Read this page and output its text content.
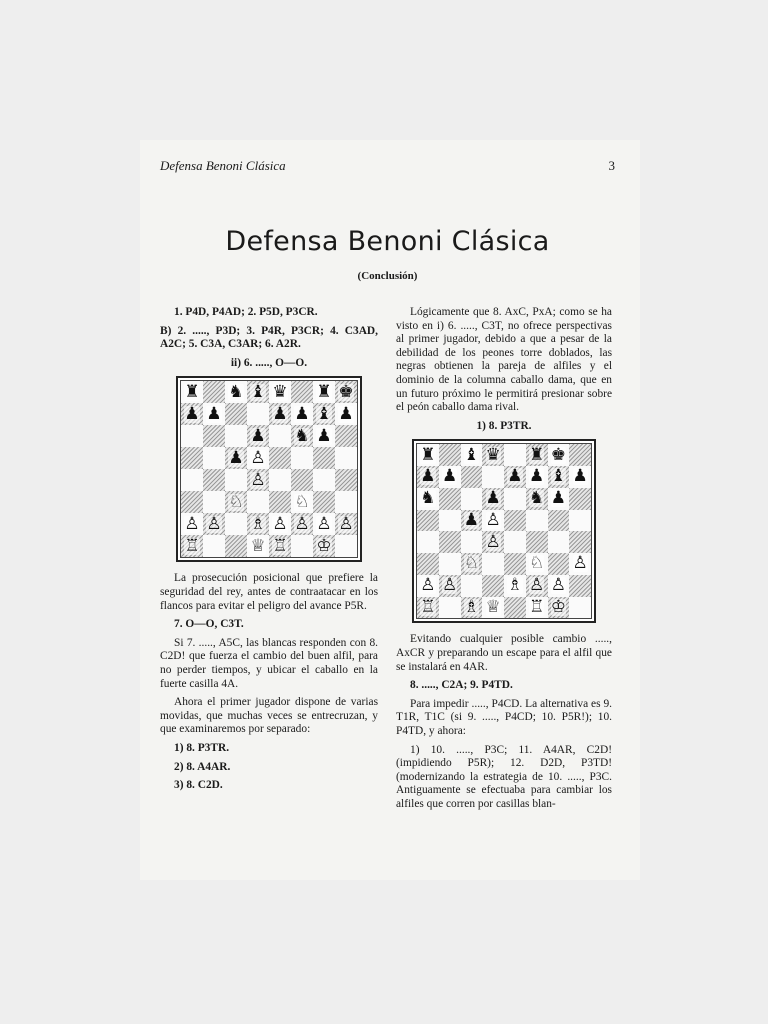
Defensa Benoni Clásica	3
Defensa Benoni Clásica
(Conclusión)

1. P4D, P4AD; 2. P5D, P3CR.

B) 2. ....., P3D; 3. P4R, P3CR; 4. C3AD, A2C; 5. C3A, C3AR; 6. A2R.

ii) 6. ....., O—O.

♜ ♞ ♝ ♛ ♜ ♚
♟ ♟	♟ ♟ ♝ ♟
♟ ♞ ♟
♟ ♙
♙
♘	♘
♙ ♙ ♗ ♙ ♙ ♙ ♙
♖	♕ ♖ ♔

La prosecución posicional que prefiere la seguridad del rey, antes de contraatacar en los flancos para evitar el peligro del avance P5R.

7. O—O, C3T.

Si 7. ....., A5C, las blancas responden con 8. C2D! que fuerza el cambio del buen alfil, para no perder tiempos, y ubicar el caballo en la fuerte casilla 4A.

Ahora el primer jugador dispone de varias movidas, que muchas veces se entrecruzan, y que examinaremos por separado:

1) 8. P3TR.

2) 8. A4AR.

3) 8. C2D.

Lógicamente que 8. AxC, PxA; como se ha visto en i) 6. ....., C3T, no ofrece perspectivas al primer jugador, debido a que a pesar de la debilidad de los peones torre doblados, las negras obtienen la pareja de alfiles y el dominio de la columna caballo dama, que en un futuro próximo le permitirá presionar sobre el peón caballo dama rival.

1) 8. P3TR.

♜ ♝ ♛ ♜ ♚
♟ ♟	♟ ♟ ♝ ♟
♞	♟ ♞ ♟
♟ ♙
♙
♘	♘ ♙
♙ ♙	♗ ♙ ♙
♖ ♗ ♕ ♖ ♔

Evitando cualquier posible cambio ....., AxCR y preparando un escape para el alfil que se instalará en 4AR.

8. ....., C2A; 9. P4TD.

Para impedir ....., P4CD. La alternativa es 9. T1R, T1C (si 9. ....., P4CD; 10. P5R!); 10. P4TD, y ahora:

1) 10. ....., P3C; 11. A4AR, C2D! (impidiendo P5R); 12. D2D, P3TD! (modernizando la estrategia de 10. ....., P3C. Antiguamente se efectuaba para cambiar los alfiles que corren por casillas blan-
